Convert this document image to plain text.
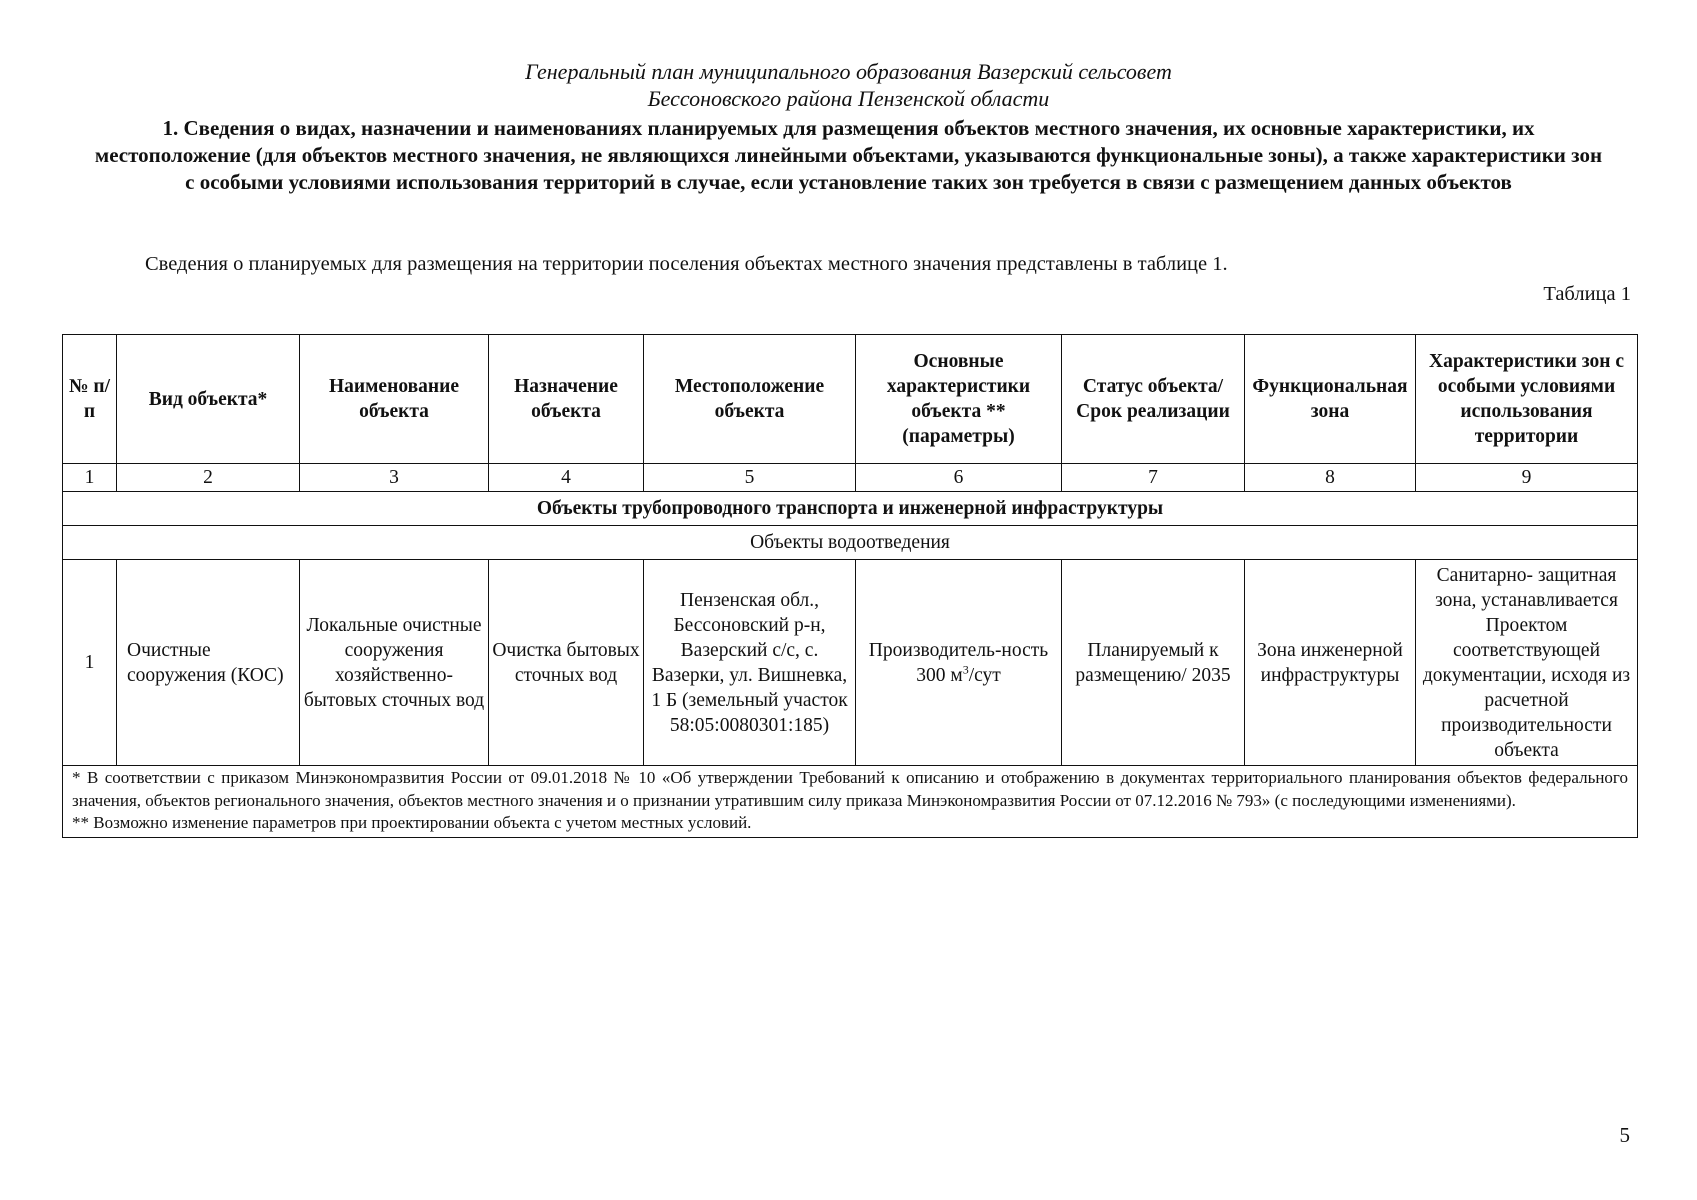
Генеральный план муниципального образования Вазерский сельсовет
Бессоновского района Пензенской области
1. Сведения о видах, назначении и наименованиях планируемых для размещения объектов местного значения, их основные характеристики, их местоположение (для объектов местного значения, не являющихся линейными объектами, указываются функциональные зоны), а также характеристики зон с особыми условиями использования территорий в случае, если установление таких зон требуется в связи с размещением данных объектов
Сведения о планируемых для размещения на территории поселения объектах местного значения представлены в таблице 1.
Таблица 1
№ п/п	Вид объекта*	Наименование объекта	Назначение объекта	Местоположение объекта	Основные характеристики объекта ** (параметры)	Статус объекта/ Срок реализации	Функциональная зона	Характеристики зон с особыми условиями использования территории
1	2	3	4	5	6	7	8	9
Объекты трубопроводного транспорта и инженерной инфраструктуры								
Объекты водоотведения								
1	Очистные сооружения (КОС)	Локальные очистные сооружения хозяйственно-бытовых сточных вод	Очистка бытовых сточных вод	Пензенская обл., Бессоновский р-н, Вазерский с/с, с. Вазерки, ул. Вишневка, 1 Б (земельный участок 58:05:0080301:185)	Производитель-ность 300 $м^3$/сут	Планируемый к размещению/ 2035	Зона инженерной инфраструктуры	Санитарно- защитная зона, устанавливается Проектом соответствующей документации, исходя из расчетной производительности объекта

* В соответствии с приказом Минэкономразвития России от 09.01.2018 № 10 «Об утверждении Требований к описанию и отображению в документах территориального планирования объектов федерального значения, объектов регионального значения, объектов местного значения и о признании утратившим силу приказа Минэкономразвития России от 07.12.2016 № 793» (с последующими изменениями).
** Возможно изменение параметров при проектировании объекта с учетом местных условий.								
5
